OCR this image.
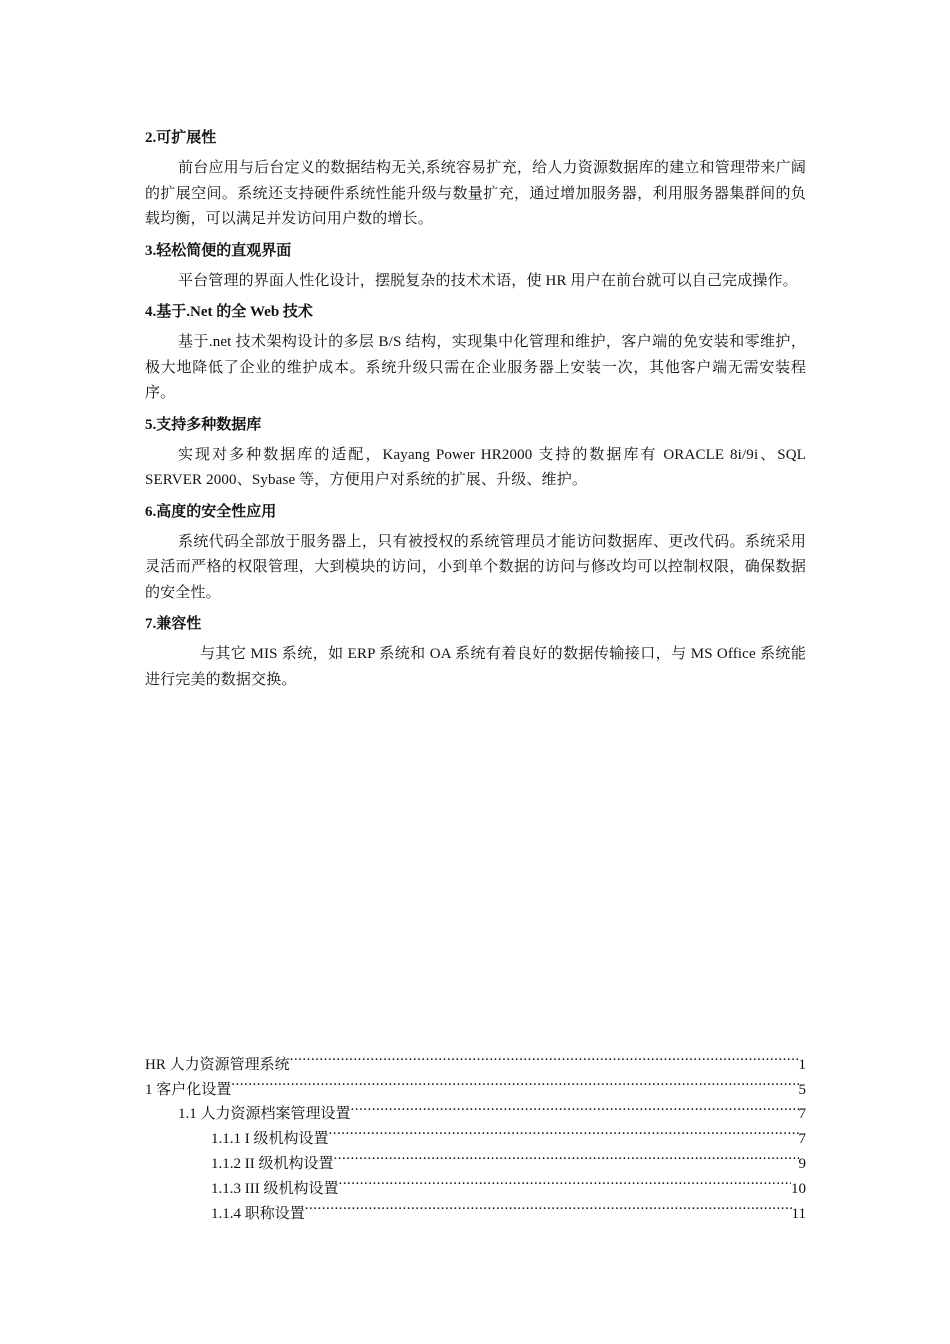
2.可扩展性

前台应用与后台定义的数据结构无关,系统容易扩充，给人力资源数据库的建立和管理带来广阔的扩展空间。系统还支持硬件系统性能升级与数量扩充，通过增加服务器，利用服务器集群间的负载均衡，可以满足并发访问用户数的增长。

3.轻松简便的直观界面

平台管理的界面人性化设计，摆脱复杂的技术术语，使 HR 用户在前台就可以自己完成操作。

4.基于.Net 的全 Web 技术

基于.net 技术架构设计的多层 B/S 结构，实现集中化管理和维护，客户端的免安装和零维护，极大地降低了企业的维护成本。系统升级只需在企业服务器上安装一次，其他客户端无需安装程序。

5.支持多种数据库

实现对多种数据库的适配，Kayang Power HR2000 支持的数据库有 ORACLE 8i/9i、SQL SERVER 2000、Sybase 等，方便用户对系统的扩展、升级、维护。

6.高度的安全性应用

系统代码全部放于服务器上，只有被授权的系统管理员才能访问数据库、更改代码。系统采用灵活而严格的权限管理，大到模块的访问，小到单个数据的访问与修改均可以控制权限，确保数据的安全性。

7.兼容性

与其它 MIS 系统，如 ERP 系统和 OA 系统有着良好的数据传输接口，与 MS Office 系统能进行完美的数据交换。

HR 人力资源管理系统 .....	1
1 客户化设置 .....	5
1.1 人力资源档案管理设置 .....	7
1.1.1 I 级机构设置 .....	7
1.1.2 II 级机构设置 .....	9
1.1.3 III 级机构设置 .....	10
1.1.4 职称设置 .....	11
